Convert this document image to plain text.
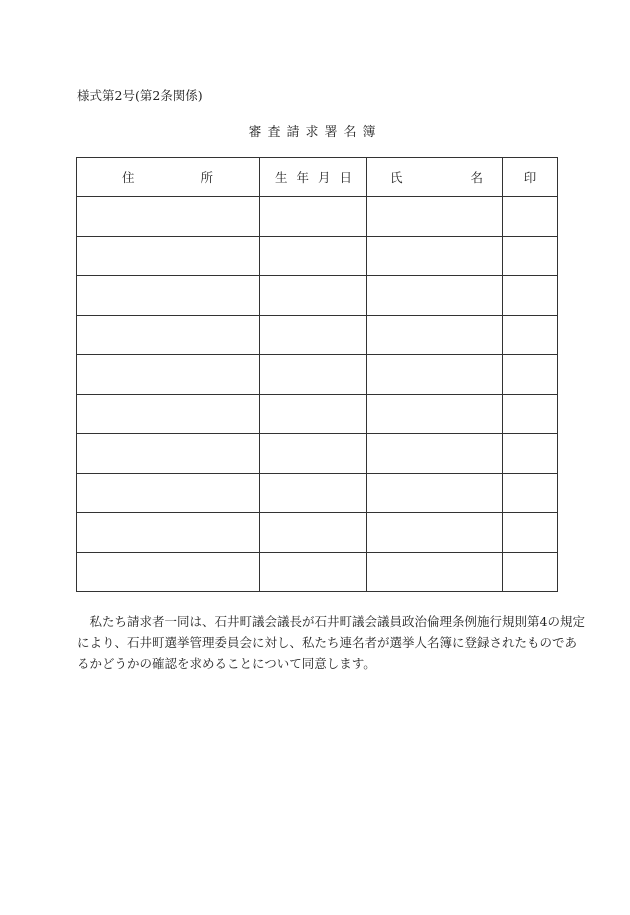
様式第2号(第2条関係)
審査請求署名簿
住 所	生 年 月 日	氏 名	印

　私たち請求者一同は、石井町議会議長が石井町議会議員政治倫理条例施行規則第4の規定
により、石井町選挙管理委員会に対し、私たち連名者が選挙人名簿に登録されたものであ
るかどうかの確認を求めることについて同意します。
